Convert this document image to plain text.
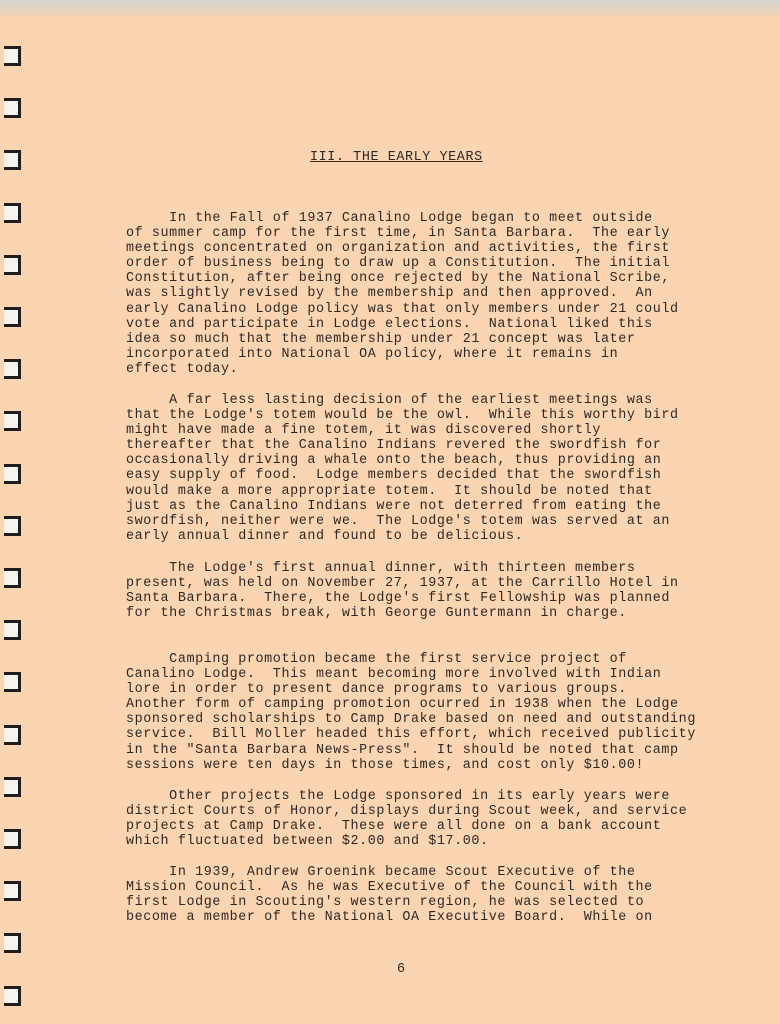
III. THE EARLY YEARS
In the Fall of 1937 Canalino Lodge began to meet outside
of summer camp for the first time, in Santa Barbara.  The early
meetings concentrated on organization and activities, the first
order of business being to draw up a Constitution.  The initial
Constitution, after being once rejected by the National Scribe,
was slightly revised by the membership and then approved.  An
early Canalino Lodge policy was that only members under 21 could
vote and participate in Lodge elections.  National liked this
idea so much that the membership under 21 concept was later
incorporated into National OA policy, where it remains in
effect today.
A far less lasting decision of the earliest meetings was
that the Lodge's totem would be the owl.  While this worthy bird
might have made a fine totem, it was discovered shortly
thereafter that the Canalino Indians revered the swordfish for
occasionally driving a whale onto the beach, thus providing an
easy supply of food.  Lodge members decided that the swordfish
would make a more appropriate totem.  It should be noted that
just as the Canalino Indians were not deterred from eating the
swordfish, neither were we.  The Lodge's totem was served at an
early annual dinner and found to be delicious.
The Lodge's first annual dinner, with thirteen members
present, was held on November 27, 1937, at the Carrillo Hotel in
Santa Barbara.  There, the Lodge's first Fellowship was planned
for the Christmas break, with George Guntermann in charge.
Camping promotion became the first service project of
Canalino Lodge.  This meant becoming more involved with Indian
lore in order to present dance programs to various groups.
Another form of camping promotion ocurred in 1938 when the Lodge
sponsored scholarships to Camp Drake based on need and outstanding
service.  Bill Moller headed this effort, which received publicity
in the "Santa Barbara News-Press".  It should be noted that camp
sessions were ten days in those times, and cost only $10.00!
Other projects the Lodge sponsored in its early years were
district Courts of Honor, displays during Scout week, and service
projects at Camp Drake.  These were all done on a bank account
which fluctuated between $2.00 and $17.00.
In 1939, Andrew Groenink became Scout Executive of the
Mission Council.  As he was Executive of the Council with the
first Lodge in Scouting's western region, he was selected to
become a member of the National OA Executive Board.  While on
6
